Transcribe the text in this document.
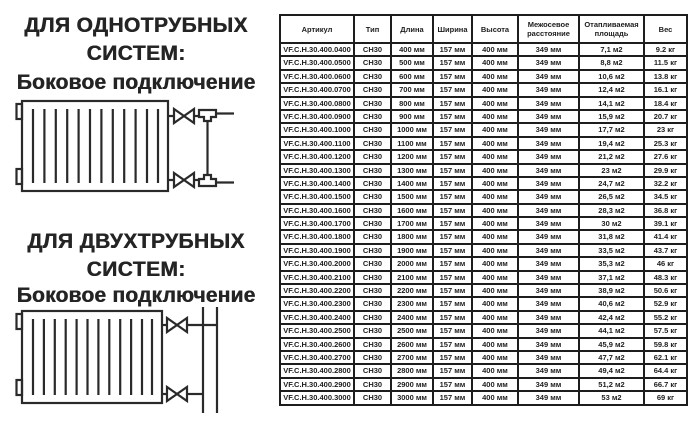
ДЛЯ ОДНОТРУБНЫХ СИСТЕМ:
Боковое подключение
ДЛЯ ДВУХТРУБНЫХ СИСТЕМ:
Боковое подключение
Артикул	Тип	Длина	Ширина	Высота	Межосевое расстояние	Отапливаемая площадь	Вес
VF.C.H.30.400.0400	CH30	400 мм	157 мм	400 мм	349 мм	7,1 м2	9.2 кг
VF.C.H.30.400.0500	CH30	500 мм	157 мм	400 мм	349 мм	8,8 м2	11.5 кг
VF.C.H.30.400.0600	CH30	600 мм	157 мм	400 мм	349 мм	10,6 м2	13.8 кг
VF.C.H.30.400.0700	CH30	700 мм	157 мм	400 мм	349 мм	12,4 м2	16.1 кг
VF.C.H.30.400.0800	CH30	800 мм	157 мм	400 мм	349 мм	14,1 м2	18.4 кг
VF.C.H.30.400.0900	CH30	900 мм	157 мм	400 мм	349 мм	15,9 м2	20.7 кг
VF.C.H.30.400.1000	CH30	1000 мм	157 мм	400 мм	349 мм	17,7 м2	23 кг
VF.C.H.30.400.1100	CH30	1100 мм	157 мм	400 мм	349 мм	19,4 м2	25.3 кг
VF.C.H.30.400.1200	CH30	1200 мм	157 мм	400 мм	349 мм	21,2 м2	27.6 кг
VF.C.H.30.400.1300	CH30	1300 мм	157 мм	400 мм	349 мм	23 м2	29.9 кг
VF.C.H.30.400.1400	CH30	1400 мм	157 мм	400 мм	349 мм	24,7 м2	32.2 кг
VF.C.H.30.400.1500	CH30	1500 мм	157 мм	400 мм	349 мм	26,5 м2	34.5 кг
VF.C.H.30.400.1600	CH30	1600 мм	157 мм	400 мм	349 мм	28,3 м2	36.8 кг
VF.C.H.30.400.1700	CH30	1700 мм	157 мм	400 мм	349 мм	30 м2	39.1 кг
VF.C.H.30.400.1800	CH30	1800 мм	157 мм	400 мм	349 мм	31,8 м2	41.4 кг
VF.C.H.30.400.1900	CH30	1900 мм	157 мм	400 мм	349 мм	33,5 м2	43.7 кг
VF.C.H.30.400.2000	CH30	2000 мм	157 мм	400 мм	349 мм	35,3 м2	46 кг
VF.C.H.30.400.2100	CH30	2100 мм	157 мм	400 мм	349 мм	37,1 м2	48.3 кг
VF.C.H.30.400.2200	CH30	2200 мм	157 мм	400 мм	349 мм	38,9 м2	50.6 кг
VF.C.H.30.400.2300	CH30	2300 мм	157 мм	400 мм	349 мм	40,6 м2	52.9 кг
VF.C.H.30.400.2400	CH30	2400 мм	157 мм	400 мм	349 мм	42,4 м2	55.2 кг
VF.C.H.30.400.2500	CH30	2500 мм	157 мм	400 мм	349 мм	44,1 м2	57.5 кг
VF.C.H.30.400.2600	CH30	2600 мм	157 мм	400 мм	349 мм	45,9 м2	59.8 кг
VF.C.H.30.400.2700	CH30	2700 мм	157 мм	400 мм	349 мм	47,7 м2	62.1 кг
VF.C.H.30.400.2800	CH30	2800 мм	157 мм	400 мм	349 мм	49,4 м2	64.4 кг
VF.C.H.30.400.2900	CH30	2900 мм	157 мм	400 мм	349 мм	51,2 м2	66.7 кг
VF.C.H.30.400.3000	CH30	3000 мм	157 мм	400 мм	349 мм	53 м2	69 кг
